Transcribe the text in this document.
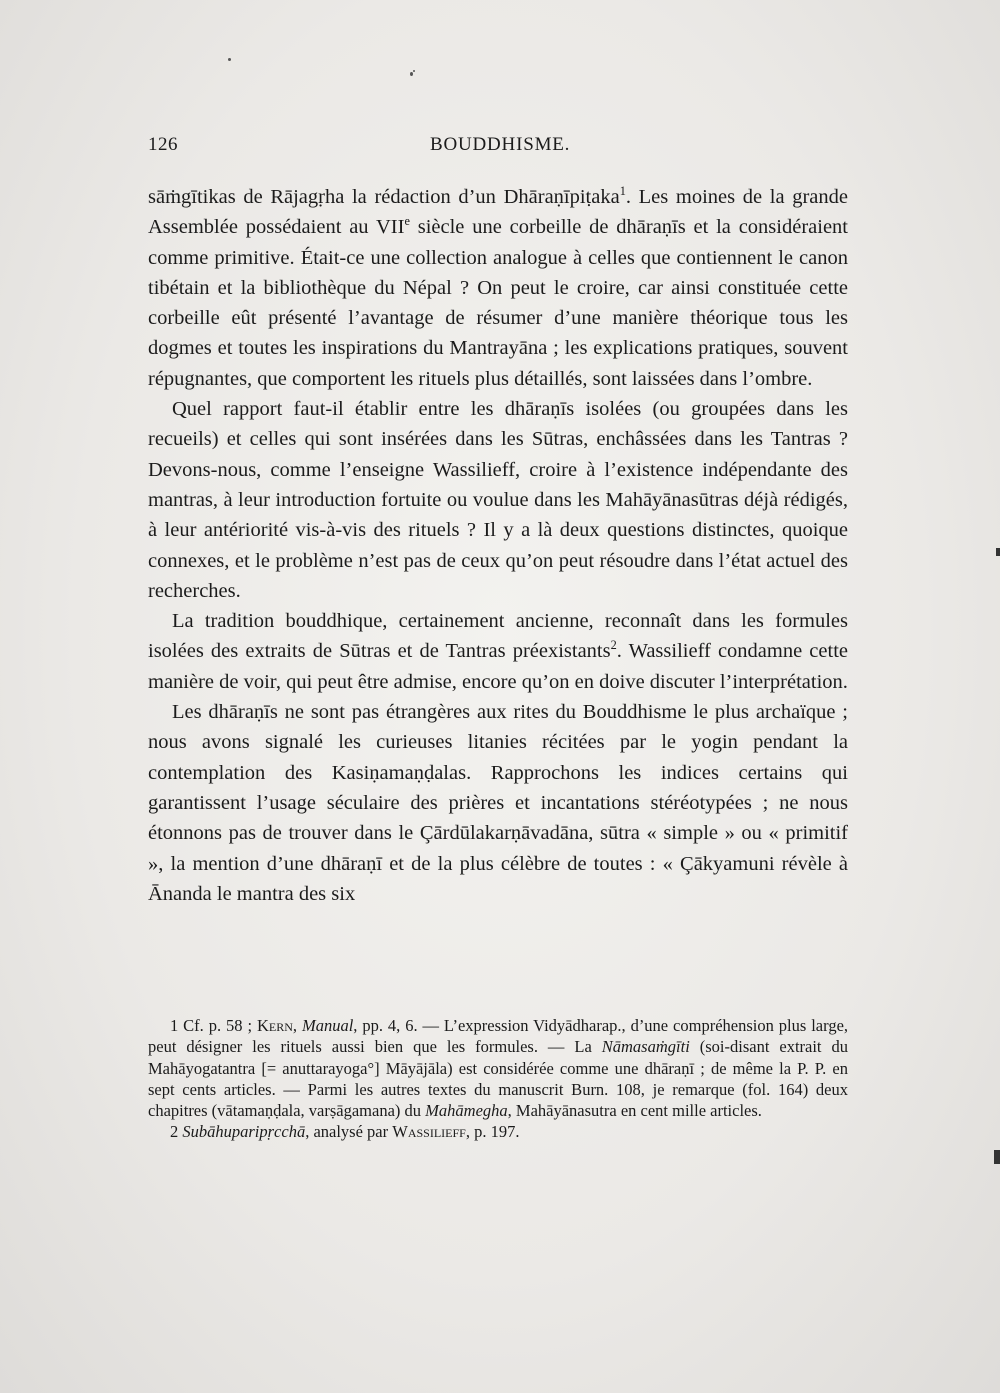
126	BOUDDHISME.

sāṁgītikas de Rājagṛha la rédaction d’un Dhāraṇīpiṭaka$^1$. Les moines de la grande Assemblée possédaient au VIIe siècle une corbeille de dhāraṇīs et la considéraient comme primitive. Était-ce une collection analogue à celles que contiennent le canon tibétain et la bibliothèque du Népal ? On peut le croire, car ainsi constituée cette corbeille eût présenté l’avantage de résumer d’une manière théorique tous les dogmes et toutes les inspirations du Mantrayāna ; les explications pratiques, souvent répugnantes, que comportent les rituels plus détaillés, sont laissées dans l’ombre.

Quel rapport faut-il établir entre les dhāraṇīs isolées (ou groupées dans les recueils) et celles qui sont insérées dans les Sūtras, enchâssées dans les Tantras ? Devons-nous, comme l’enseigne Wassilieff, croire à l’existence indépendante des mantras, à leur introduction fortuite ou voulue dans les Mahāyānasūtras déjà rédigés, à leur antériorité vis-à-vis des rituels ? Il y a là deux questions distinctes, quoique connexes, et le problème n’est pas de ceux qu’on peut résoudre dans l’état actuel des recherches.

La tradition bouddhique, certainement ancienne, reconnaît dans les formules isolées des extraits de Sūtras et de Tantras préexistants$^2$. Wassilieff condamne cette manière de voir, qui peut être admise, encore qu’on en doive discuter l’interprétation.

Les dhāraṇīs ne sont pas étrangères aux rites du Bouddhisme le plus archaïque ; nous avons signalé les curieuses litanies récitées par le yogin pendant la contemplation des Kasiṇamaṇḍalas. Rapprochons les indices certains qui garantissent l’usage séculaire des prières et incantations stéréotypées ; ne nous étonnons pas de trouver dans le Çārdūlakarṇāvadāna, sūtra « simple » ou « primitif », la mention d’une dhāraṇī et de la plus célèbre de toutes : « Çākyamuni révèle à Ānanda le mantra des six

1 Cf. p. 58 ; Kern, Manual, pp. 4, 6. — L’expression Vidyādharap., d’une compréhension plus large, peut désigner les rituels aussi bien que les formules. — La Nāmasaṁgīti (soi-disant extrait du Mahāyogatantra [= anuttarayoga°] Māyājāla) est considérée comme une dhāraṇī ; de même la P. P. en sept cents articles. — Parmi les autres textes du manuscrit Burn. 108, je remarque (fol. 164) deux chapitres (vātamaṇḍala, varṣāgamana) du Mahāmegha, Mahāyānasutra en cent mille articles.

2 Subāhuparipṛcchā, analysé par Wassilieff, p. 197.
